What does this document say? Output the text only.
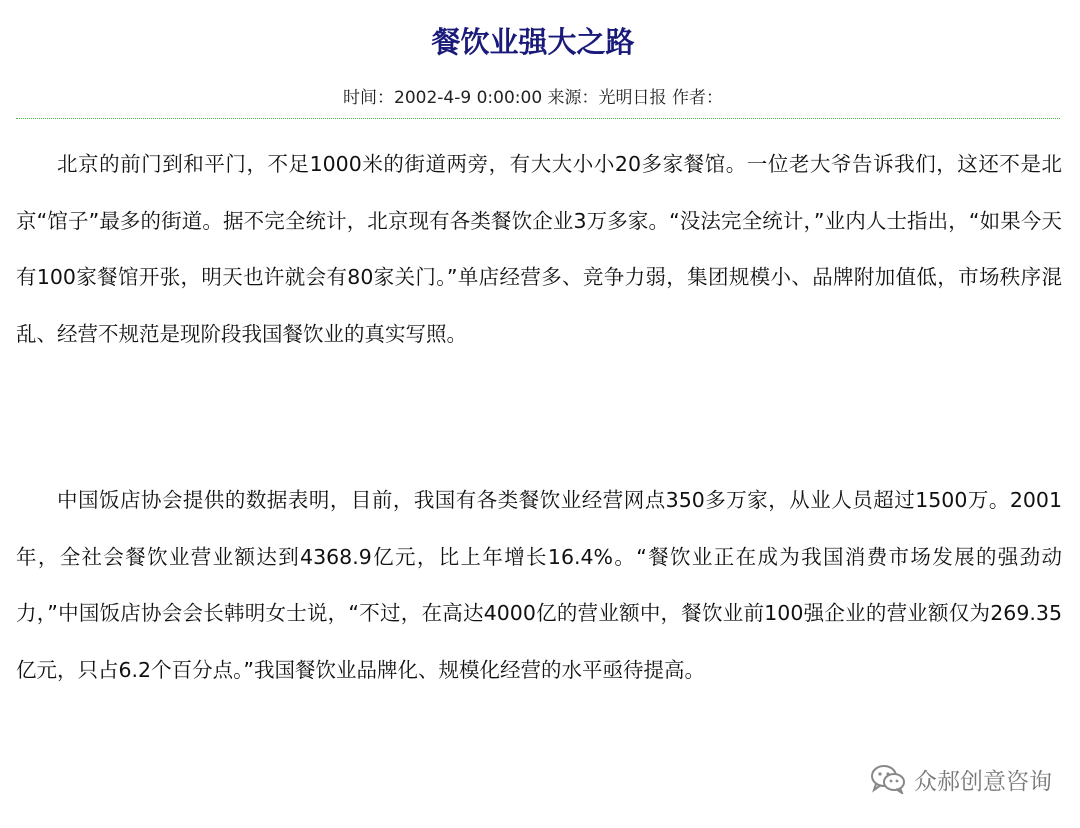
餐饮业强大之路
时间：2002-4-9 0:00:00 来源：光明日报 作者：

北京的前门到和平门，不足1000米的街道两旁，有大大小小20多家餐馆。一位老大爷告诉我们，这还不是北京“馆子”最多的街道。据不完全统计，北京现有各类餐饮企业3万多家。“没法完全统计，”业内人士指出，“如果今天有100家餐馆开张，明天也许就会有80家关门。”单店经营多、竞争力弱，集团规模小、品牌附加值低，市场秩序混乱、经营不规范是现阶段我国餐饮业的真实写照。

中国饭店协会提供的数据表明，目前，我国有各类餐饮业经营网点350多万家，从业人员超过1500万。2001年，全社会餐饮业营业额达到4368.9亿元，比上年增长16.4%。“餐饮业正在成为我国消费市场发展的强劲动力，”中国饭店协会会长韩明女士说，“不过，在高达4000亿的营业额中，餐饮业前100强企业的营业额仅为269.35亿元，只占6.2个百分点。”我国餐饮业品牌化、规模化经营的水平亟待提高。

众郝创意咨询
